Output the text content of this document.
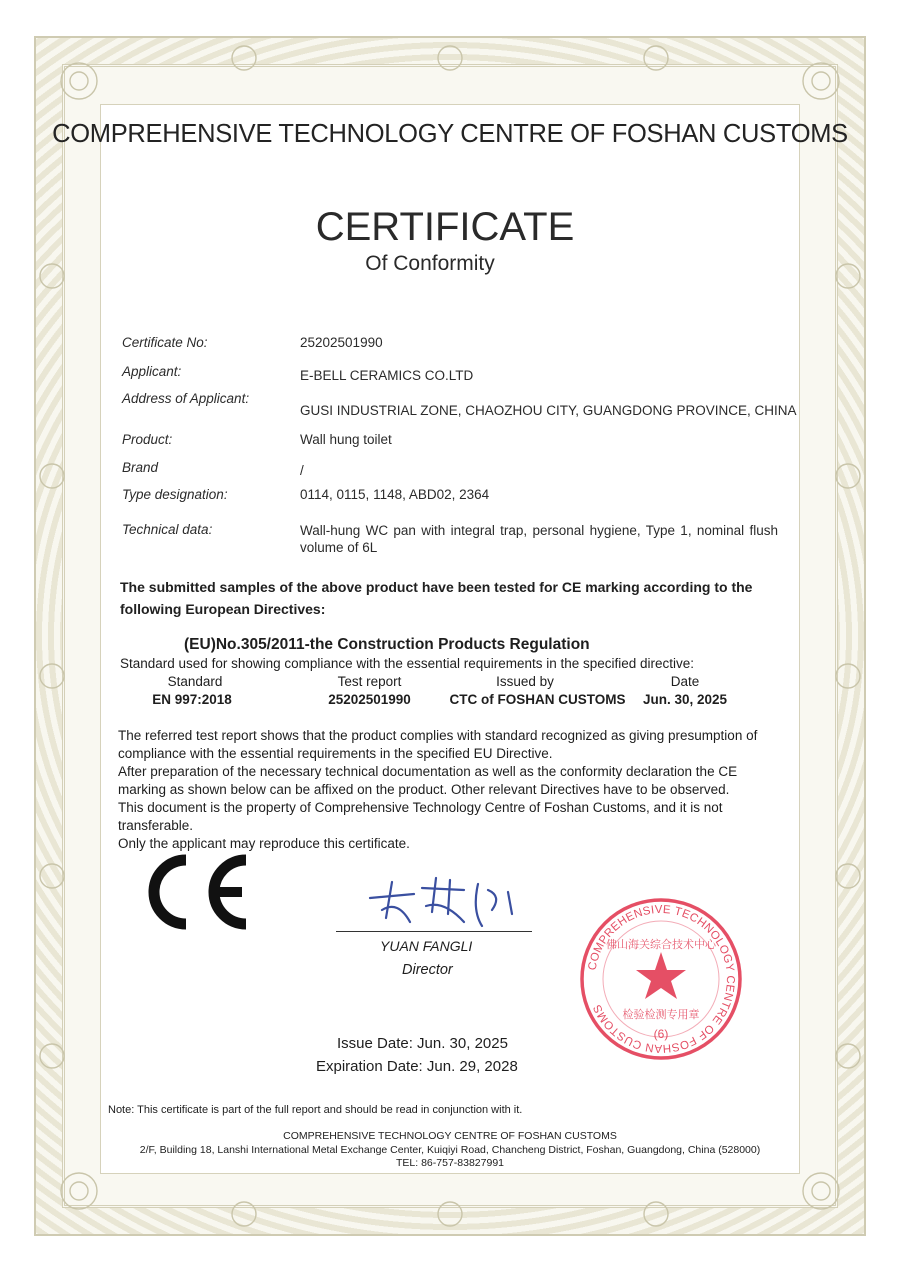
COMPREHENSIVE TECHNOLOGY CENTRE OF FOSHAN CUSTOMS
CERTIFICATE
Of Conformity
Certificate No:	25202501990
Applicant:	E-BELL CERAMICS CO.LTD
Address of Applicant:
GUSI INDUSTRIAL ZONE, CHAOZHOU CITY, GUANGDONG PROVINCE, CHINA
Product:	Wall hung toilet
Brand	/
Type designation:	0114, 0115, 1148, ABD02, 2364
Technical data:	Wall-hung WC pan with integral trap, personal hygiene, Type 1, nominal flush volume of 6L
The submitted samples of the above product have been tested for CE marking according to the following European Directives:
(EU)No.305/2011-the Construction Products Regulation
Standard used for showing compliance with the essential requirements in the specified directive:
Standard	Test report	Issued by	Date
EN 997:2018	25202501990	CTC of FOSHAN CUSTOMS	Jun. 30, 2025

The referred test report shows that the product complies with standard recognized as giving presumption of compliance with the essential requirements in the specified EU Directive.

After preparation of the necessary technical documentation as well as the conformity declaration the CE marking as shown below can be affixed on the product. Other relevant Directives have to be observed.

This document is the property of Comprehensive Technology Centre of Foshan Customs, and it is not transferable.

Only the applicant may reproduce this certificate.

YUAN FANGLI
Director	COMPREHENSIVE TECHNOLOGY CENTRE OF FOSHAN CUSTOMS
佛山海关综合技术中心
检验检测专用章
(6)
Issue Date: Jun. 30, 2025
Expiration Date: Jun. 29, 2028
Note: This certificate is part of the full report and should be read in conjunction with it.
COMPREHENSIVE TECHNOLOGY CENTRE OF FOSHAN CUSTOMS
2/F, Building 18, Lanshi International Metal Exchange Center, Kuiqiyi Road, Chancheng District, Foshan, Guangdong, China (528000)
TEL: 86-757-83827991
